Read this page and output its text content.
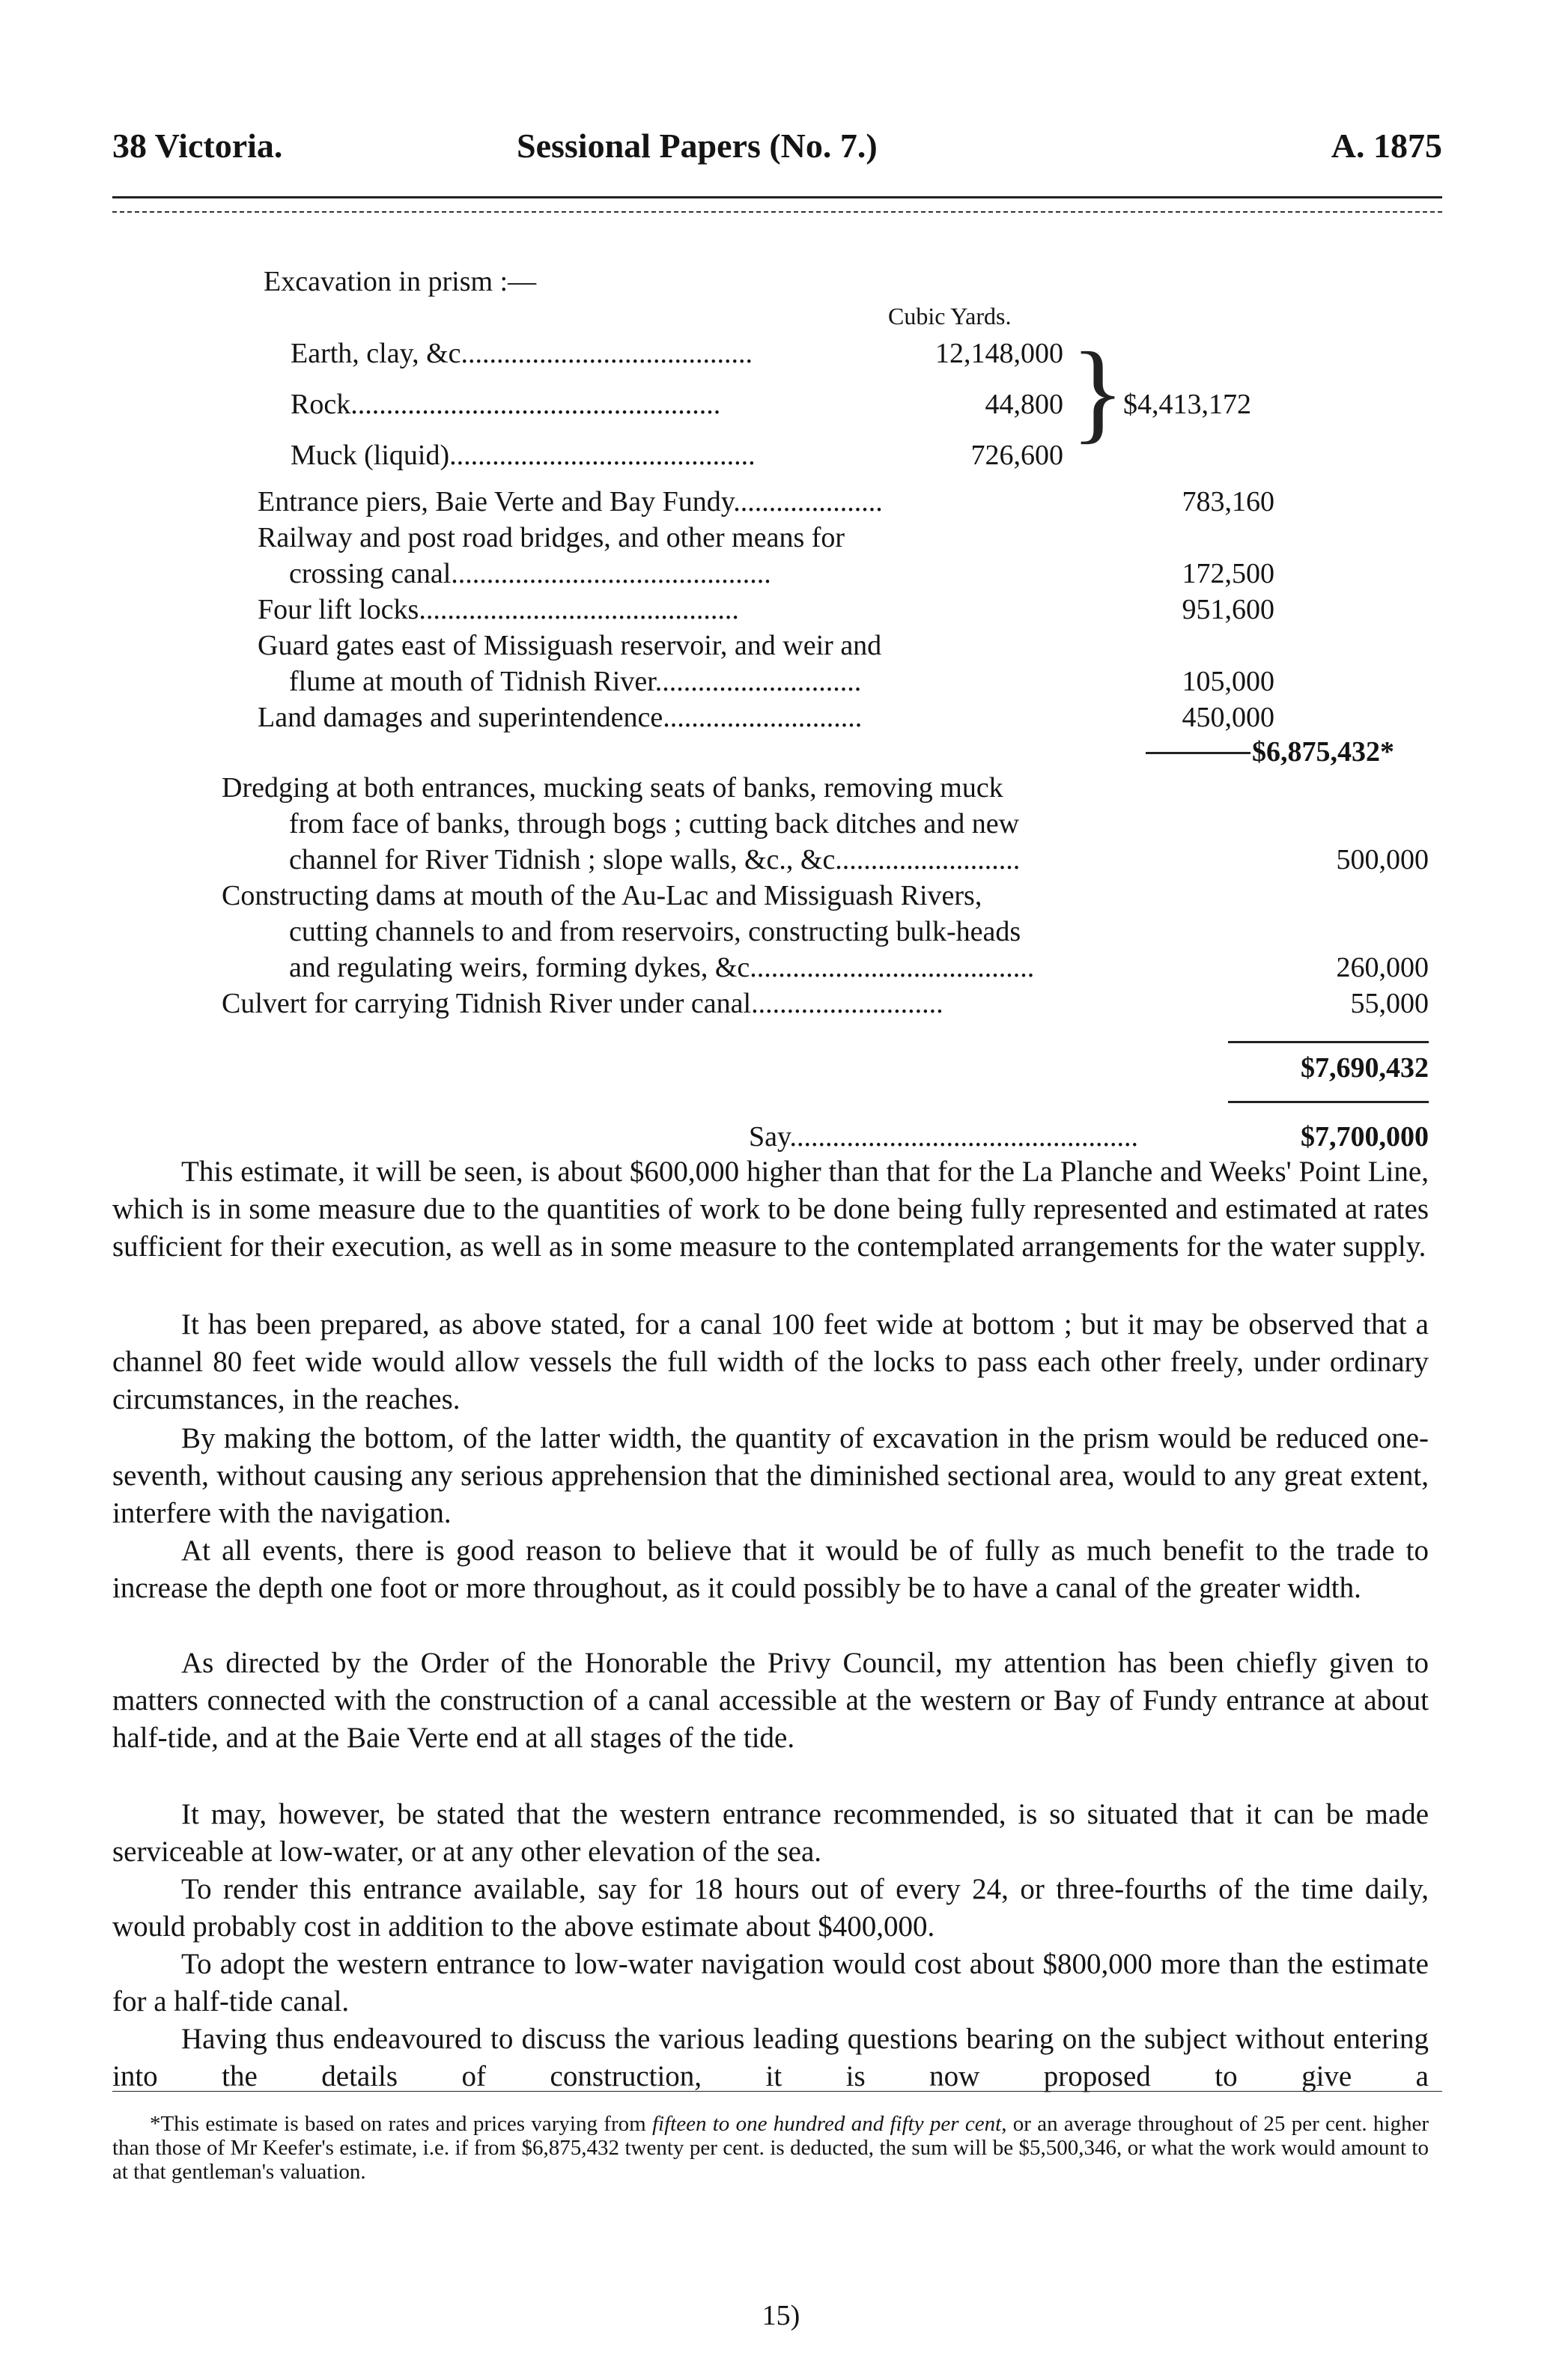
38 Victoria.	Sessional Papers (No. 7.)	A. 1875
Excavation in prism :—
Cubic Yards.
Earth, clay, &c.........................................	12,148,000
Rock....................................................	44,800
Muck (liquid)...........................................	726,600
}
$4,413,172
Entrance piers, Baie Verte and Bay Fundy.....................	783,160
Railway and post road bridges, and other means for
crossing canal.............................................	172,500
Four lift locks.............................................	951,600
Guard gates east of Missiguash reservoir, and weir and
flume at mouth of Tidnish River.............................	105,000
Land damages and superintendence............................	450,000
$6,875,432*
Dredging at both entrances, mucking seats of banks, removing muck
from face of banks, through bogs ; cutting back ditches and new
channel for River Tidnish ; slope walls, &c., &c..........................	500,000
Constructing dams at mouth of the Au-Lac and Missiguash Rivers,
cutting channels to and from reservoirs, constructing bulk-heads
and regulating weirs, forming dykes, &c........................................	260,000
Culvert for carrying Tidnish River under canal...........................	55,000
$7,690,432
Say.................................................	$7,700,000

This estimate, it will be seen, is about $600,000 higher than that for the La Planche and Weeks' Point Line, which is in some measure due to the quantities of work to be done being fully represented and estimated at rates sufficient for their execution, as well as in some measure to the contemplated arrangements for the water supply.

It has been prepared, as above stated, for a canal 100 feet wide at bottom ; but it may be observed that a channel 80 feet wide would allow vessels the full width of the locks to pass each other freely, under ordinary circumstances, in the reaches.

By making the bottom, of the latter width, the quantity of excavation in the prism would be reduced one-seventh, without causing any serious apprehension that the diminished sectional area, would to any great extent, interfere with the navigation.

At all events, there is good reason to believe that it would be of fully as much benefit to the trade to increase the depth one foot or more throughout, as it could possibly be to have a canal of the greater width.

As directed by the Order of the Honorable the Privy Council, my attention has been chiefly given to matters connected with the construction of a canal accessible at the western or Bay of Fundy entrance at about half-tide, and at the Baie Verte end at all stages of the tide.

It may, however, be stated that the western entrance recommended, is so situated that it can be made serviceable at low-water, or at any other elevation of the sea.

To render this entrance available, say for 18 hours out of every 24, or three-fourths of the time daily, would probably cost in addition to the above estimate about $400,000.

To adopt the western entrance to low-water navigation would cost about $800,000 more than the estimate for a half-tide canal.

Having thus endeavoured to discuss the various leading questions bearing on the subject without entering into the details of construction, it is now proposed to give a

*This estimate is based on rates and prices varying from fifteen to one hundred and fifty per cent, or an average throughout of 25 per cent. higher than those of Mr Keefer's estimate, i.e. if from $6,875,432 twenty per cent. is deducted, the sum will be $5,500,346, or what the work would amount to at that gentleman's valuation.
15)
